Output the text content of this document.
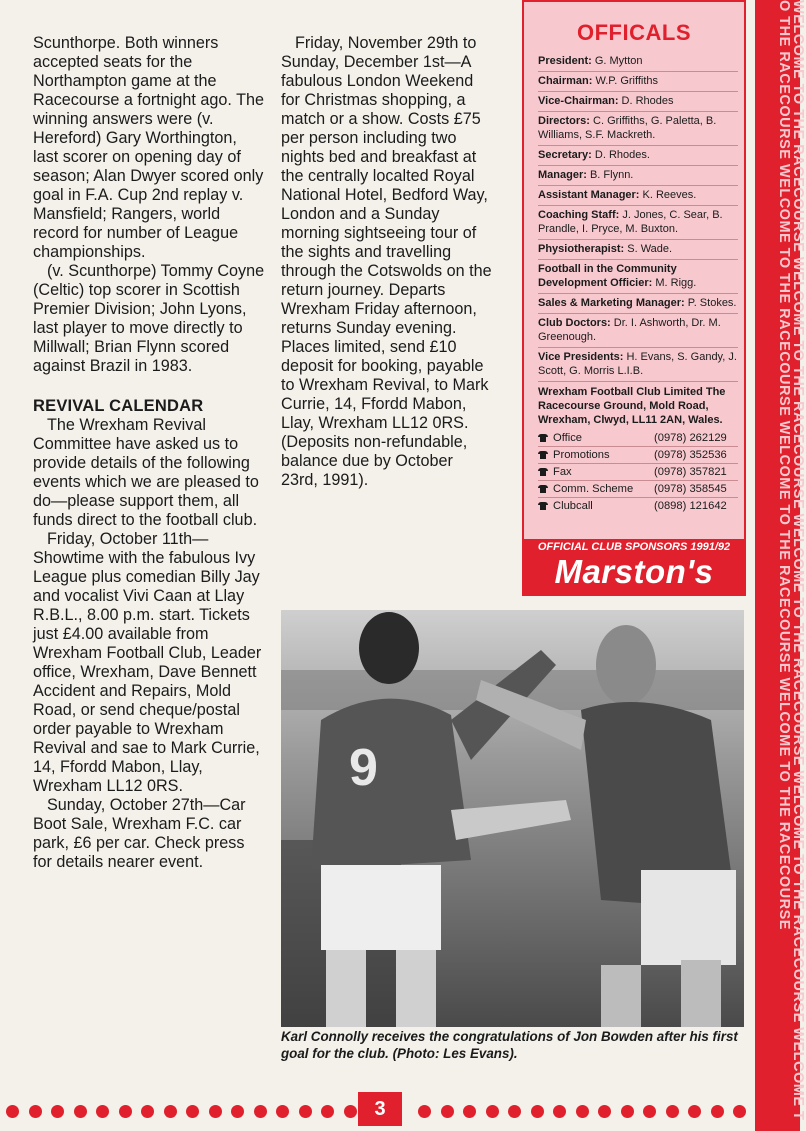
Scunthorpe. Both winners accepted seats for the Northampton game at the Racecourse a fortnight ago. The winning answers were (v. Hereford) Gary Worthington, last scorer on opening day of season; Alan Dwyer scored only goal in F.A. Cup 2nd replay v. Mansfield; Rangers, world record for number of League championships.

(v. Scunthorpe) Tommy Coyne (Celtic) top scorer in Scottish Premier Division; John Lyons, last player to move directly to Millwall; Brian Flynn scored against Brazil in 1983.

REVIVAL CALENDAR

The Wrexham Revival Committee have asked us to provide details of the following events which we are pleased to do—please support them, all funds direct to the football club.

Friday, October 11th—Showtime with the fabulous Ivy League plus comedian Billy Jay and vocalist Vivi Caan at Llay R.B.L., 8.00 p.m. start. Tickets just £4.00 available from Wrexham Football Club, Leader office, Wrexham, Dave Bennett Accident and Repairs, Mold Road, or send cheque/postal order payable to Wrexham Revival and sae to Mark Currie, 14, Ffordd Mabon, Llay, Wrexham LL12 0RS.

Sunday, October 27th—Car Boot Sale, Wrexham F.C. car park, £6 per car. Check press for details nearer event.

Friday, November 29th to Sunday, December 1st—A fabulous London Weekend for Christmas shopping, a match or a show. Costs £75 per person including two nights bed and breakfast at the centrally localted Royal National Hotel, Bedford Way, London and a Sunday morning sightseeing tour of the sights and travelling through the Cotswolds on the return journey. Departs Wrexham Friday afternoon, returns Sunday evening. Places limited, send £10 deposit for booking, payable to Wrexham Revival, to Mark Currie, 14, Ffordd Mabon, Llay, Wrexham LL12 0RS. (Deposits non-refundable, balance due by October 23rd, 1991).

OFFICALS
President: G. Mytton
Chairman: W.P. Griffiths
Vice-Chairman: D. Rhodes
Directors: C. Griffiths, G. Paletta, B. Williams, S.F. Mackreth.
Secretary: D. Rhodes.
Manager: B. Flynn.
Assistant Manager: K. Reeves.
Coaching Staff: J. Jones, C. Sear, B. Prandle, I. Pryce, M. Buxton.
Physiotherapist: S. Wade.
Football in the Community Development Officier: M. Rigg.
Sales & Marketing Manager: P. Stokes.
Club Doctors: Dr. I. Ashworth, Dr. M. Greenough.
Vice Presidents: H. Evans, S. Gandy, J. Scott, G. Morris L.I.B.
Wrexham Football Club Limited The Racecourse Ground, Mold Road, Wrexham, Clwyd, LL11 2AN, Wales.
Office	(0978) 262129
Promotions	(0978) 352536
Fax	(0978) 357821
Comm. Scheme (0978) 358545
Clubcall	(0898) 121642
OFFICIAL CLUB SPONSORS 1991/92
Marston's	WELCOME TO THE RACECOURSE WELCOME TO THE RACECOURSE WELCOME TO THE RACECOURSE WELCOME TO THE RACECOURSE WELCOME TO THE RACECOURSE WELCOME TO THE RACECOURSE WELCOME TO THE RACECOURSE WELCOME TO THE RACECOURSE
9
Karl Connolly receives the congratulations of Jon Bowden after his first goal for the club. (Photo: Les Evans).
3
